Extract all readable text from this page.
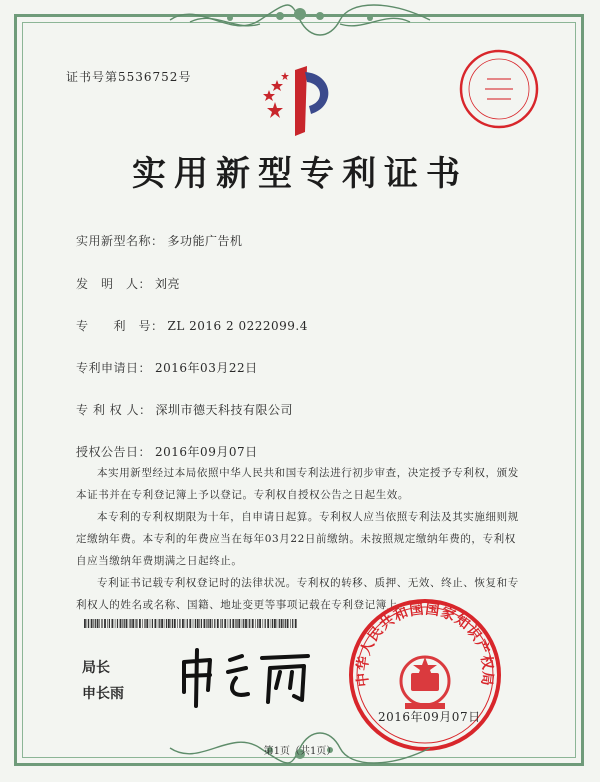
证书号第5536752号
实用新型专利证书
实用新型名称： 多功能广告机
发　明　人： 刘亮
专　　利　号： ZL 2016 2 0222099.4
专利申请日： 2016年03月22日
专 利 权 人： 深圳市德天科技有限公司
授权公告日： 2016年09月07日
本实用新型经过本局依照中华人民共和国专利法进行初步审查，决定授予专利权，颁发本证书并在专利登记簿上予以登记。专利权自授权公告之日起生效。
本专利的专利权期限为十年，自申请日起算。专利权人应当依照专利法及其实施细则规定缴纳年费。本专利的年费应当在每年03月22日前缴纳。未按照规定缴纳年费的，专利权自应当缴纳年费期满之日起终止。
专利证书记载专利权登记时的法律状况。专利权的转移、质押、无效、终止、恢复和专利权人的姓名或名称、国籍、地址变更等事项记载在专利登记簿上。
局长
申长雨
中华人民共和国国家知识产权局
2016年09月07日
第1页（共1页）
